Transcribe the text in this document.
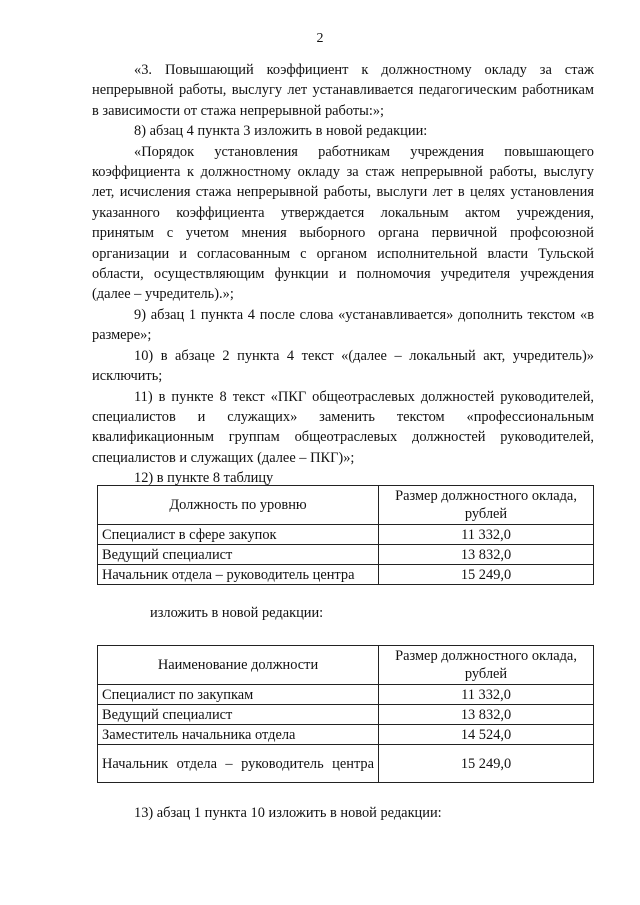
2

«3. Повышающий коэффициент к должностному окладу за стаж непрерывной работы, выслугу лет устанавливается педагогическим работникам в зависимости от стажа непрерывной работы:»;

8) абзац 4 пункта 3 изложить в новой редакции:

«Порядок установления работникам учреждения повышающего коэффициента к должностному окладу за стаж непрерывной работы, выслугу лет, исчисления стажа непрерывной работы, выслуги лет в целях установления указанного коэффициента утверждается локальным актом учреждения, принятым с учетом мнения выборного органа первичной профсоюзной организации и согласованным с органом исполнительной власти Тульской области, осуществляющим функции и полномочия учредителя учреждения (далее – учредитель).»;

9) абзац 1 пункта 4 после слова «устанавливается» дополнить текстом «в размере»;

10) в абзаце 2 пункта 4 текст «(далее – локальный акт, учредитель)» исключить;

11) в пункте 8 текст «ПКГ общеотраслевых должностей руководителей, специалистов и служащих» заменить текстом «профессиональным квалификационным группам общеотраслевых должностей руководителей, специалистов и служащих (далее – ПКГ)»;

12) в пункте 8 таблицу

Должность по уровню	Размер должностного оклада, рублей
Специалист в сфере закупок	11 332,0
Ведущий специалист	13 832,0
Начальник отдела – руководитель центра	15 249,0
изложить в новой редакции:
Наименование должности	Размер должностного оклада, рублей
Специалист по закупкам	11 332,0
Ведущий специалист	13 832,0
Заместитель начальника отдела	14 524,0

Начальник отдела – руководитель центра	15 249,0
13) абзац 1 пункта 10 изложить в новой редакции:
